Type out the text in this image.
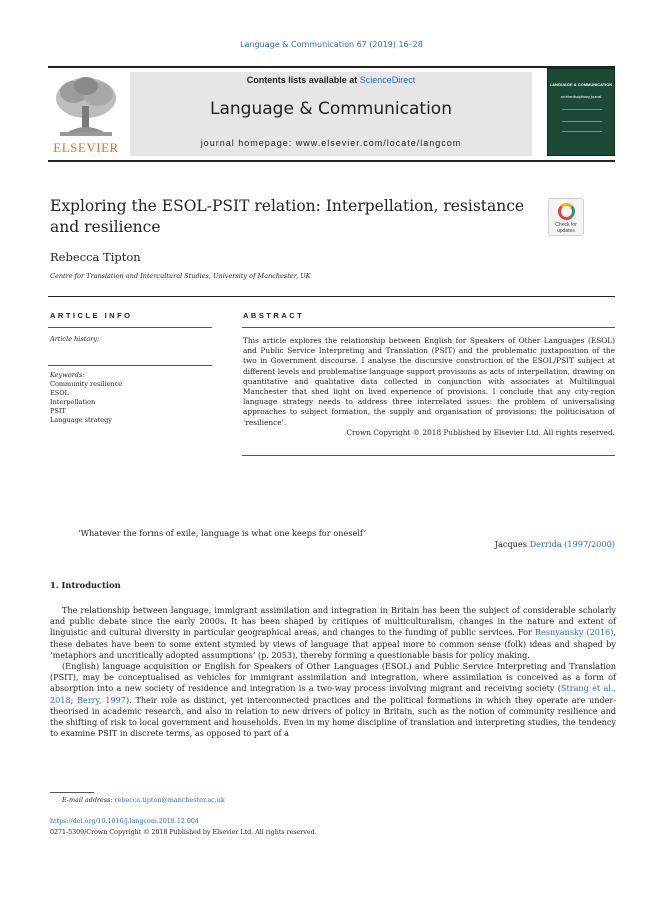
Language & Communication 67 (2019) 16–28
ELSEVIER
Contents lists available at ScienceDirect
Language & Communication
journal homepage: www.elsevier.com/locate/langcom
LANGUAGE & COMMUNICATION
an interdisciplinary journal
Exploring the ESOL-PSIT relation: Interpellation, resistance
and resilience	Check for
updates
Rebecca Tipton
Centre for Translation and Intercultural Studies, University of Manchester, UK
ARTICLE INFO
Article history:
Keywords:
Community resilience
ESOL
Interpellation
PSIT
Language strategy
ABSTRACT
This article explores the relationship between English for Speakers of Other Languages (ESOL) and Public Service Interpreting and Translation (PSIT) and the problematic juxtaposition of the two in Government discourse. I analyse the discursive construction of the ESOL/PSIT subject at different levels and problematise language support provisions as acts of interpellation, drawing on quantitative and qualitative data collected in conjunction with associates at Multilingual Manchester that shed light on lived experience of provisions. I conclude that any city-region language strategy needs to address three interrelated issues: the problem of universalising approaches to subject formation, the supply and organisation of provisions; the politicisation of ‘resilience’.
Crown Copyright © 2018 Published by Elsevier Ltd. All rights reserved.
‘Whatever the forms of exile, language is what one keeps for oneself’
Jacques Derrida (1997/2000)
1. Introduction

The relationship between language, immigrant assimilation and integration in Britain has been the subject of considerable scholarly and public debate since the early 2000s. It has been shaped by critiques of multiculturalism, changes in the nature and extent of linguistic and cultural diversity in particular geographical areas, and changes to the funding of public services. For Resnyansky (2016), these debates have been to some extent stymied by views of language that appeal more to common sense (folk) ideas and shaped by ‘metaphors and uncritically adopted assumptions’ (p. 2053), thereby forming a questionable basis for policy making.

(English) language acquisition or English for Speakers of Other Languages (ESOL) and Public Service Interpreting and Translation (PSIT), may be conceptualised as vehicles for immigrant assimilation and integration, where assimilation is conceived as a form of absorption into a new society of residence and integration is a two-way process involving migrant and receiving society (Strang et al., 2018; Berry, 1997). Their role as distinct, yet interconnected practices and the political formations in which they operate are under-theorised in academic research, and also in relation to new drivers of policy in Britain, such as the notion of community resilience and the shifting of risk to local government and households. Even in my home discipline of translation and interpreting studies, the tendency to examine PSIT in discrete terms, as opposed to part of a

E-mail address: rebecca.tipton@manchester.ac.uk
https://doi.org/10.1016/j.langcom.2018.12.004
0271-5309/Crown Copyright © 2018 Published by Elsevier Ltd. All rights reserved.
